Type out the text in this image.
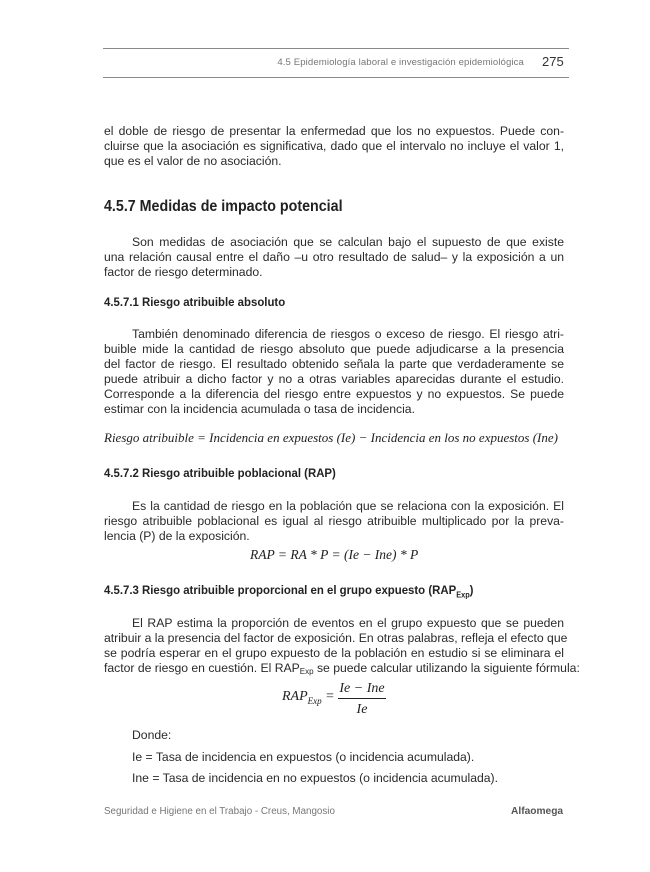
4.5 Epidemiología laboral e investigación epidemiológica 275
el doble de riesgo de presentar la enfermedad que los no expuestos. Puede con-
cluirse que la asociación es significativa, dado que el intervalo no incluye el valor 1,
que es el valor de no asociación.
4.5.7 Medidas de impacto potencial
Son medidas de asociación que se calculan bajo el supuesto de que existe
una relación causal entre el daño –u otro resultado de salud– y la exposición a un
factor de riesgo determinado.
4.5.7.1 Riesgo atribuible absoluto
También denominado diferencia de riesgos o exceso de riesgo. El riesgo atri-
buible mide la cantidad de riesgo absoluto que puede adjudicarse a la presencia
del factor de riesgo. El resultado obtenido señala la parte que verdaderamente se
puede atribuir a dicho factor y no a otras variables aparecidas durante el estudio.
Corresponde a la diferencia del riesgo entre expuestos y no expuestos. Se puede
estimar con la incidencia acumulada o tasa de incidencia.
Riesgo atribuible = Incidencia en expuestos (Ie) − Incidencia en los no expuestos (Ine)
4.5.7.2 Riesgo atribuible poblacional (RAP)
Es la cantidad de riesgo en la población que se relaciona con la exposición. El
riesgo atribuible poblacional es igual al riesgo atribuible multiplicado por la preva-
lencia (P) de la exposición.
RAP = RA * P = (Ie − Ine) * P
4.5.7.3 Riesgo atribuible proporcional en el grupo expuesto $(RAP_{Exp})$
El RAP estima la proporción de eventos en el grupo expuesto que se pueden
atribuir a la presencia del factor de exposición. En otras palabras, refleja el efecto que
se podría esperar en el grupo expuesto de la población en estudio si se eliminara el
factor de riesgo en cuestión. El RAPExp se puede calcular utilizando la siguiente fórmula:
$RAP_{Exp}$ =
Ie − Ine
Ie
Donde:
Ie = Tasa de incidencia en expuestos (o incidencia acumulada).
Ine = Tasa de incidencia en no expuestos (o incidencia acumulada).
Seguridad e Higiene en el Trabajo - Creus, Mangosio	Alfaomega
